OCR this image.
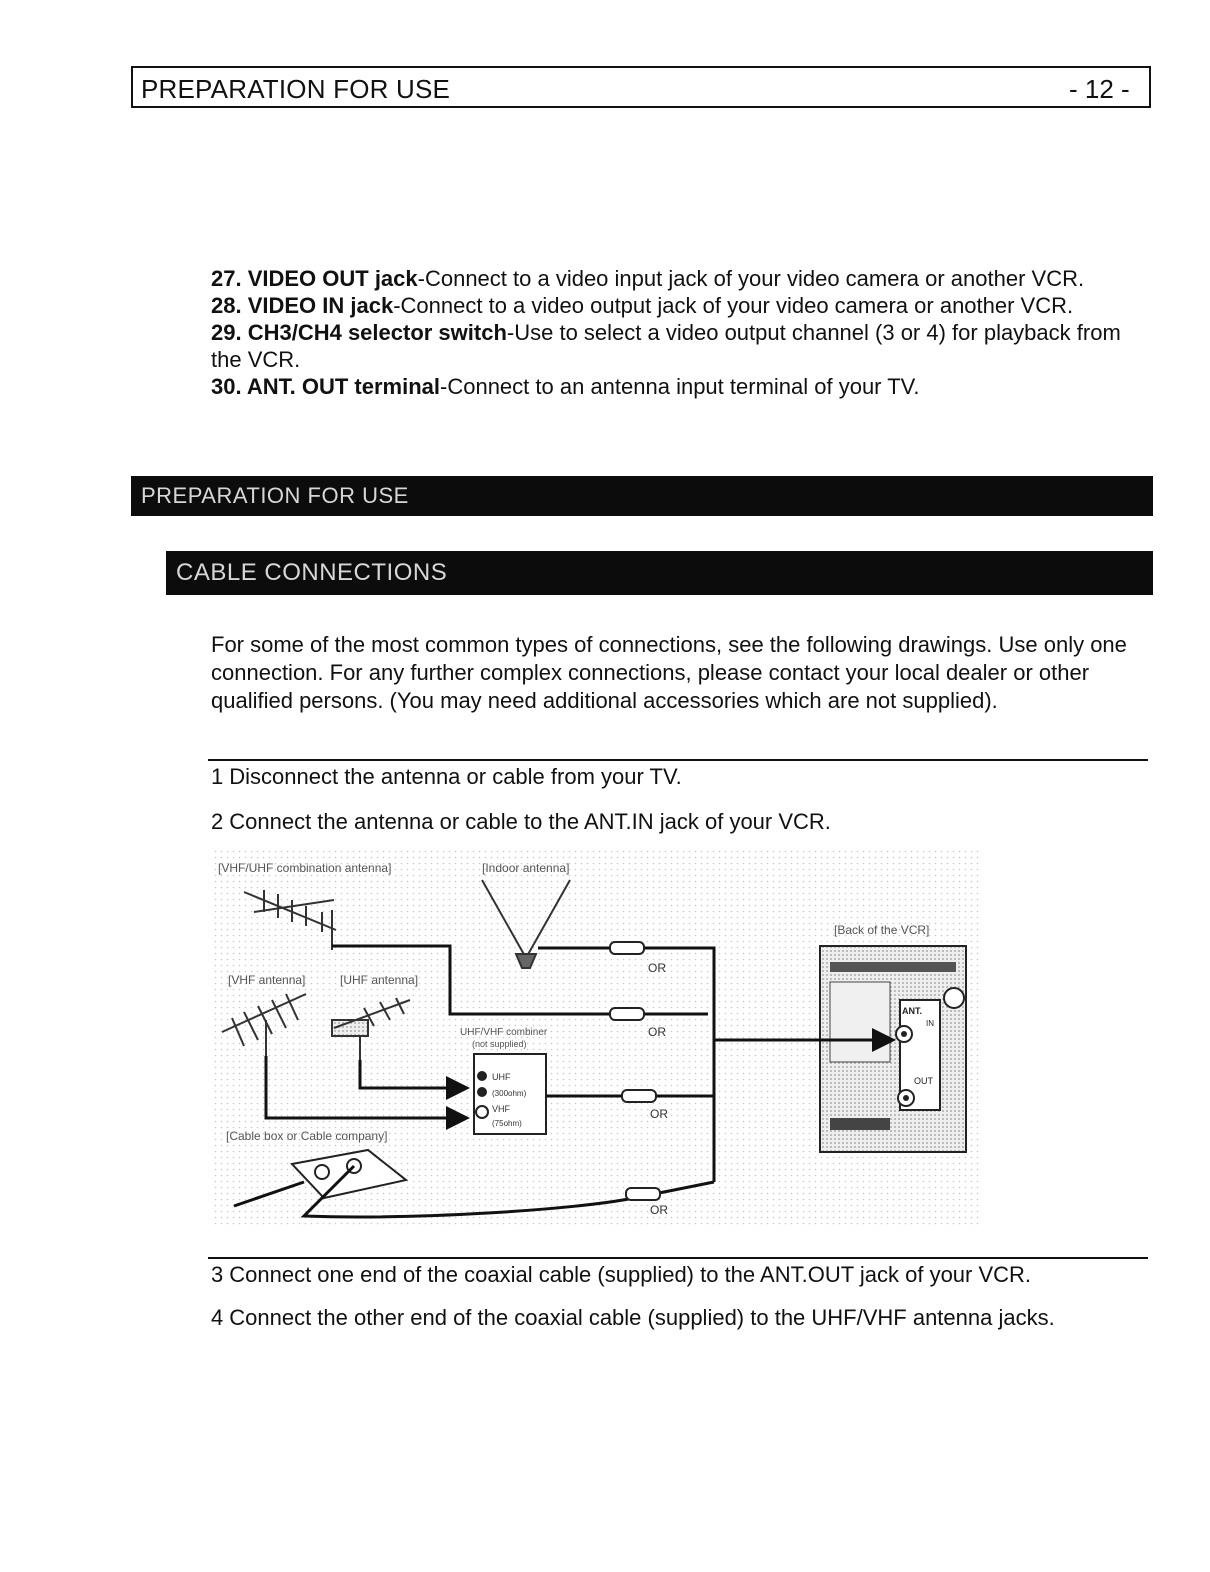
PREPARATION FOR USE	- 12 -

27. VIDEO OUT jack-Connect to a video input jack of your video camera or another VCR.

28. VIDEO IN jack-Connect to a video output jack of your video camera or another VCR.

29. CH3/CH4 selector switch-Use to select a video output channel (3 or 4) for playback from the VCR.

30. ANT. OUT terminal-Connect to an antenna input terminal of your TV.

PREPARATION FOR USE
CABLE CONNECTIONS

For some of the most common types of connections, see the following drawings. Use only one connection. For any further complex connections, please contact your local dealer or other qualified persons. (You may need additional accessories which are not supplied).

1 Disconnect the antenna or cable from your TV.

2 Connect the antenna or cable to the ANT.IN jack of your VCR.

[VHF/UHF combination antenna]	[Indoor antenna]
[Back of the VCR]
[VHF antenna]	[UHF antenna]
UHF/VHF combiner
(not supplied)
[Cable box or Cable company]
UHF
(300ohm)
VHF
(75ohm)
ANT.
IN
OUT
OR
OR
OR
OR

3 Connect one end of the coaxial cable (supplied) to the ANT.OUT jack of your VCR.

4 Connect the other end of the coaxial cable (supplied) to the UHF/VHF antenna jacks.
